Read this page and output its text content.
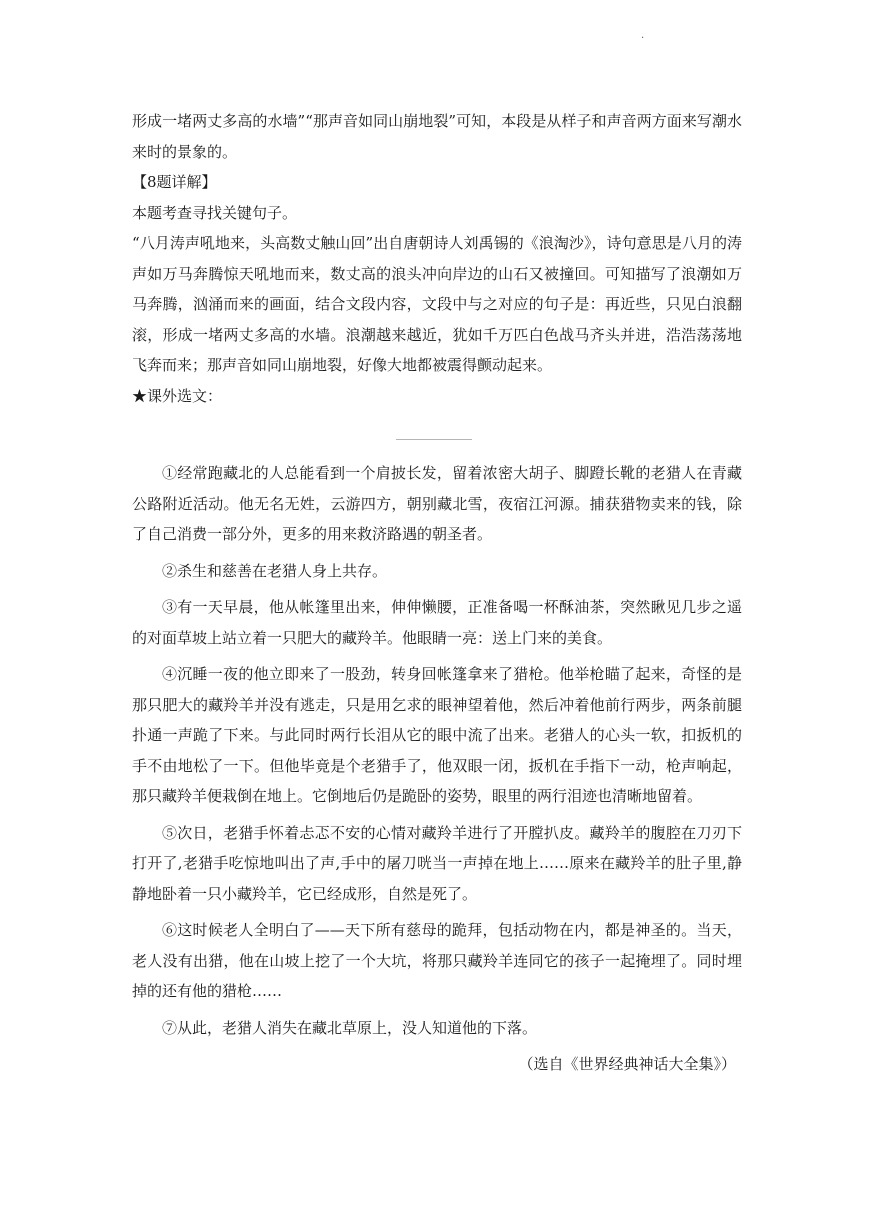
.

形成一堵两丈多高的水墙”“那声音如同山崩地裂”可知，本段是从样子和声音两方面来写潮水来时的景象的。

【8题详解】

本题考查寻找关键句子。

“八月涛声吼地来，头高数丈触山回”出自唐朝诗人刘禹锡的《浪淘沙》，诗句意思是八月的涛声如万马奔腾惊天吼地而来，数丈高的浪头冲向岸边的山石又被撞回。可知描写了浪潮如万马奔腾，汹涌而来的画面，结合文段内容，文段中与之对应的句子是：再近些，只见白浪翻滚，形成一堵两丈多高的水墙。浪潮越来越近，犹如千万匹白色战马齐头并进，浩浩荡荡地飞奔而来；那声音如同山崩地裂，好像大地都被震得颤动起来。

★课外选文：

①经常跑藏北的人总能看到一个肩披长发，留着浓密大胡子、脚蹬长靴的老猎人在青藏公路附近活动。他无名无姓，云游四方，朝别藏北雪，夜宿江河源。捕获猎物卖来的钱，除了自己消费一部分外，更多的用来救济路遇的朝圣者。

②杀生和慈善在老猎人身上共存。

③有一天早晨，他从帐篷里出来，伸伸懒腰，正准备喝一杯酥油茶，突然瞅见几步之遥的对面草坡上站立着一只肥大的藏羚羊。他眼睛一亮：送上门来的美食。

④沉睡一夜的他立即来了一股劲，转身回帐篷拿来了猎枪。他举枪瞄了起来，奇怪的是那只肥大的藏羚羊并没有逃走，只是用乞求的眼神望着他，然后冲着他前行两步，两条前腿扑通一声跪了下来。与此同时两行长泪从它的眼中流了出来。老猎人的心头一软，扣扳机的手不由地松了一下。但他毕竟是个老猎手了，他双眼一闭，扳机在手指下一动，枪声响起，那只藏羚羊便栽倒在地上。它倒地后仍是跪卧的姿势，眼里的两行泪迹也清晰地留着。

⑤次日，老猎手怀着忐忑不安的心情对藏羚羊进行了开膛扒皮。藏羚羊的腹腔在刀刃下打开了,老猎手吃惊地叫出了声,手中的屠刀咣当一声掉在地上……原来在藏羚羊的肚子里,静静地卧着一只小藏羚羊，它已经成形，自然是死了。

⑥这时候老人全明白了——天下所有慈母的跪拜，包括动物在内，都是神圣的。当天，老人没有出猎，他在山坡上挖了一个大坑，将那只藏羚羊连同它的孩子一起掩埋了。同时埋掉的还有他的猎枪……

⑦从此，老猎人消失在藏北草原上，没人知道他的下落。

（选自《世界经典神话大全集》）
